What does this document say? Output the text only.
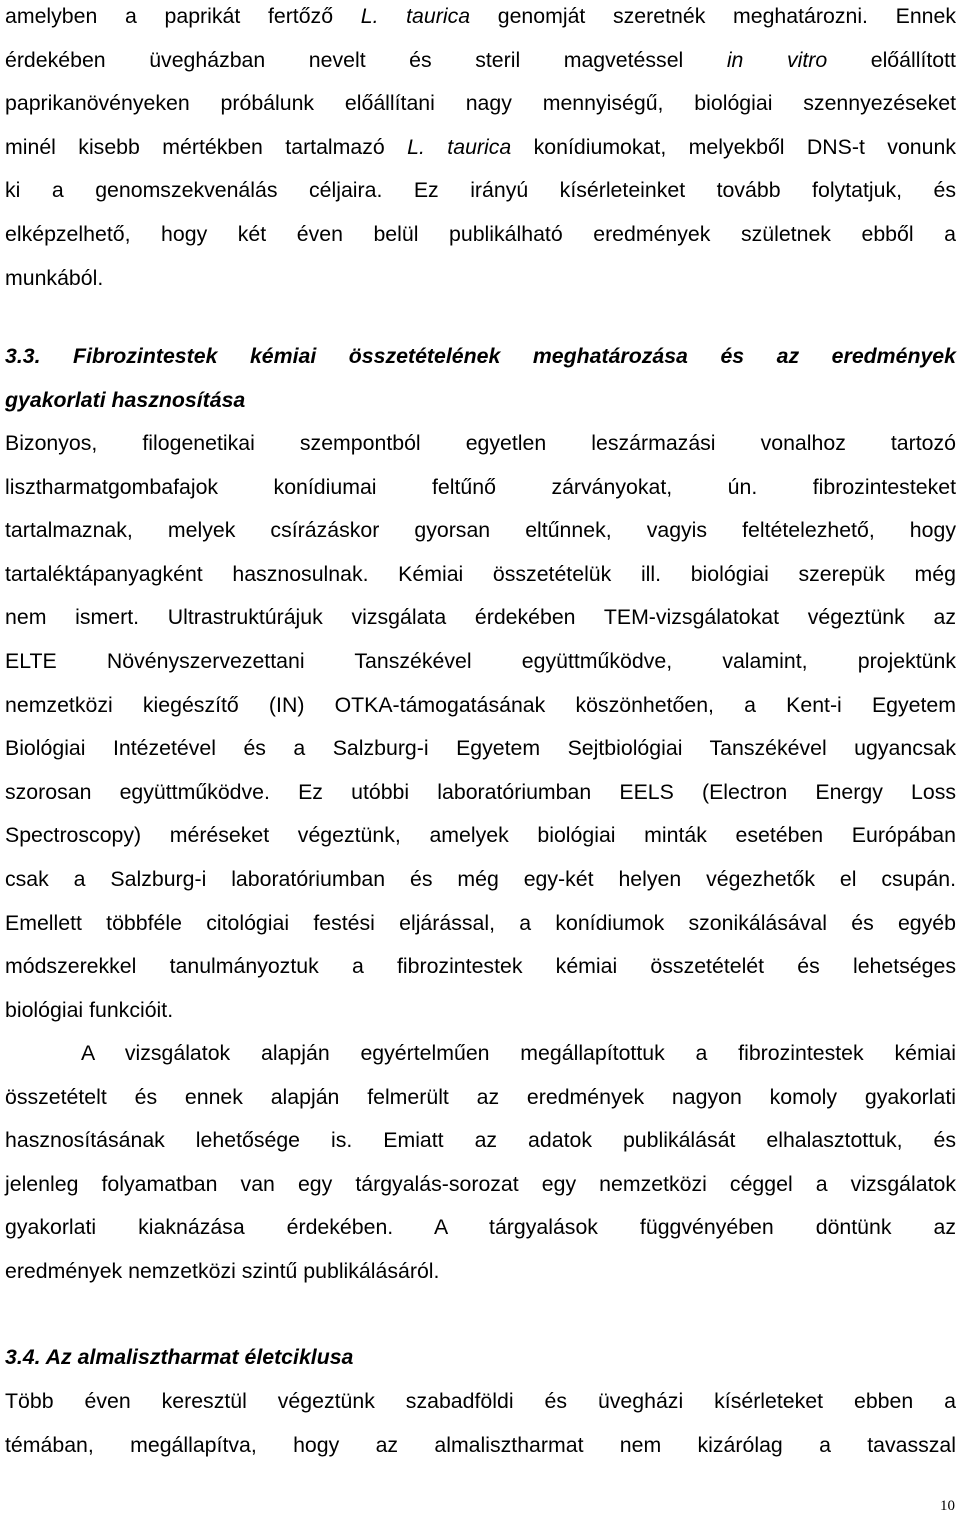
amelyben a paprikát fertőző L. taurica genomját szeretnék meghatározni. Ennek
érdekében üvegházban nevelt és steril magvetéssel in vitro előállított
paprikanövényeken próbálunk előállítani nagy mennyiségű, biológiai szennyezéseket
minél kisebb mértékben tartalmazó L. taurica konídiumokat, melyekből DNS-t vonunk
ki a genomszekvenálás céljaira. Ez irányú kísérleteinket tovább folytatjuk, és
elképzelhető, hogy két éven belül publikálható eredmények születnek ebből a
munkából.
3.3. Fibrozintestek kémiai összetételének meghatározása és az eredmények
gyakorlati hasznosítása
Bizonyos, filogenetikai szempontból egyetlen leszármazási vonalhoz tartozó
lisztharmatgombafajok konídiumai feltűnő zárványokat, ún. fibrozintesteket
tartalmaznak, melyek csírázáskor gyorsan eltűnnek, vagyis feltételezhető, hogy
tartaléktápanyagként hasznosulnak. Kémiai összetételük ill. biológiai szerepük még
nem ismert. Ultrastruktúrájuk vizsgálata érdekében TEM-vizsgálatokat végeztünk az
ELTE Növényszervezettani Tanszékével együttműködve, valamint, projektünk
nemzetközi kiegészítő (IN) OTKA-támogatásának köszönhetően, a Kent-i Egyetem
Biológiai Intézetével és a Salzburg-i Egyetem Sejtbiológiai Tanszékével ugyancsak
szorosan együttműködve. Ez utóbbi laboratóriumban EELS (Electron Energy Loss
Spectroscopy) méréseket végeztünk, amelyek biológiai minták esetében Európában
csak a Salzburg-i laboratóriumban és még egy-két helyen végezhetők el csupán.
Emellett többféle citológiai festési eljárással, a konídiumok szonikálásával és egyéb
módszerekkel tanulmányoztuk a fibrozintestek kémiai összetételét és lehetséges
biológiai funkcióit.
A vizsgálatok alapján egyértelműen megállapítottuk a fibrozintestek kémiai
összetételt és ennek alapján felmerült az eredmények nagyon komoly gyakorlati
hasznosításának lehetősége is. Emiatt az adatok publikálását elhalasztottuk, és
jelenleg folyamatban van egy tárgyalás-sorozat egy nemzetközi céggel a vizsgálatok
gyakorlati kiaknázása érdekében. A tárgyalások függvényében döntünk az
eredmények nemzetközi szintű publikálásáról.
3.4. Az almalisztharmat életciklusa
Több éven keresztül végeztünk szabadföldi és üvegházi kísérleteket ebben a
témában, megállapítva, hogy az almalisztharmat nem kizárólag a tavasszal
10
